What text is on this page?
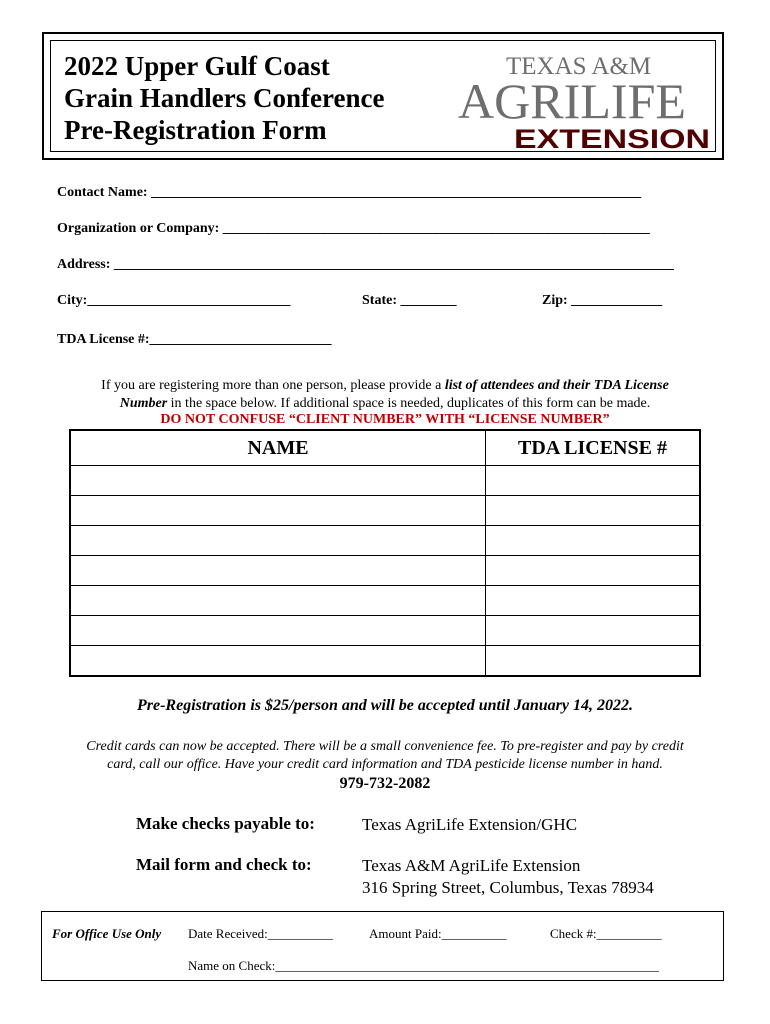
2022 Upper Gulf Coast
Grain Handlers Conference
Pre-Registration Form
TEXAS A&M
AGRILIFE
EXTENSION
Contact Name: ______________________________________________________________________
Organization or Company: _____________________________________________________________
Address: ________________________________________________________________________________
City:_____________________________	State: ________	Zip: _____________
TDA License #:__________________________
If you are registering more than one person, please provide a list of attendees and their TDA License
Number in the space below. If additional space is needed, duplicates of this form can be made.
DO NOT CONFUSE “CLIENT NUMBER” WITH “LICENSE NUMBER”
NAME	TDA LICENSE #

Pre-Registration is $25/person and will be accepted until January 14, 2022.
Credit cards can now be accepted. There will be a small convenience fee. To pre-register and pay by credit
card, call our office. Have your credit card information and TDA pesticide license number in hand.
979-732-2082
Make checks payable to:	Texas AgriLife Extension/GHC
Mail form and check to:	Texas A&M AgriLife Extension
316 Spring Street, Columbus, Texas 78934
For Office Use Only Date Received:__________	Amount Paid:__________	Check #:__________
Name on Check:___________________________________________________________
